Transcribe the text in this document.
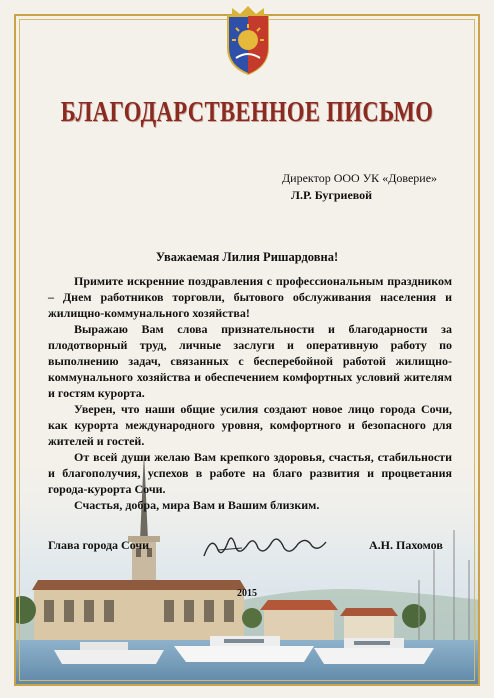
БЛАГОДАРСТВЕННОЕ ПИСЬМО
Директор ООО УК «Доверие»
Л.Р. Бугриевой
Уважаемая Лилия Ришардовна!

Примите искренние поздравления с профессиональным праздником – Днем работников торговли, бытового обслуживания населения и жилищно-коммунального хозяйства!

Выражаю Вам слова признательности и благодарности за плодотворный труд, личные заслуги и оперативную работу по выполнению задач, связанных с бесперебойной работой жилищно-коммунального хозяйства и обеспечением комфортных условий жителям и гостям курорта.

Уверен, что наши общие усилия создают новое лицо города Сочи, как курорта международного уровня, комфортного и безопасного для жителей и гостей.

От всей души желаю Вам крепкого здоровья, счастья, стабильности и благополучия, успехов в работе на благо развития и процветания города-курорта Сочи.

Счастья, добра, мира Вам и Вашим близким.

Глава города Сочи	А.Н. Пахомов
2015
